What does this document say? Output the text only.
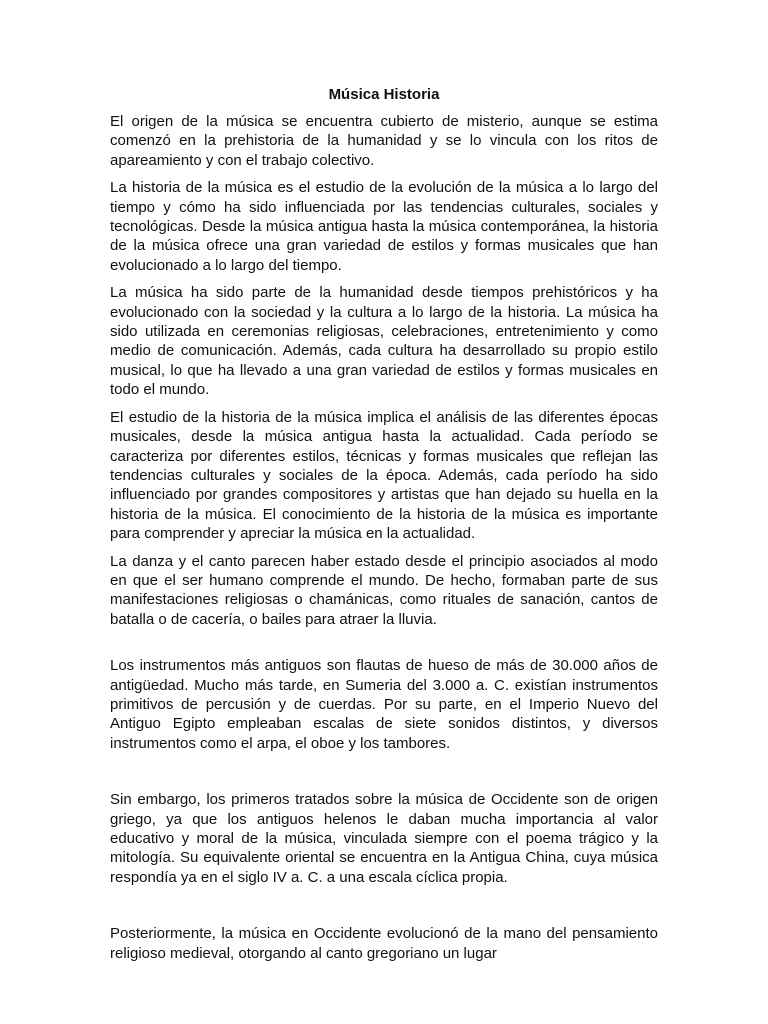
Música Historia

El origen de la música se encuentra cubierto de misterio, aunque se estima comenzó en la prehistoria de la humanidad y se lo vincula con los ritos de apareamiento y con el trabajo colectivo.

La historia de la música es el estudio de la evolución de la música a lo largo del tiempo y cómo ha sido influenciada por las tendencias culturales, sociales y tecnológicas. Desde la música antigua hasta la música contemporánea, la historia de la música ofrece una gran variedad de estilos y formas musicales que han evolucionado a lo largo del tiempo.

La música ha sido parte de la humanidad desde tiempos prehistóricos y ha evolucionado con la sociedad y la cultura a lo largo de la historia. La música ha sido utilizada en ceremonias religiosas, celebraciones, entretenimiento y como medio de comunicación. Además, cada cultura ha desarrollado su propio estilo musical, lo que ha llevado a una gran variedad de estilos y formas musicales en todo el mundo.

El estudio de la historia de la música implica el análisis de las diferentes épocas musicales, desde la música antigua hasta la actualidad. Cada período se caracteriza por diferentes estilos, técnicas y formas musicales que reflejan las tendencias culturales y sociales de la época. Además, cada período ha sido influenciado por grandes compositores y artistas que han dejado su huella en la historia de la música. El conocimiento de la historia de la música es importante para comprender y apreciar la música en la actualidad.

La danza y el canto parecen haber estado desde el principio asociados al modo en que el ser humano comprende el mundo. De hecho, formaban parte de sus manifestaciones religiosas o chamánicas, como rituales de sanación, cantos de batalla o de cacería, o bailes para atraer la lluvia.

Los instrumentos más antiguos son flautas de hueso de más de 30.000 años de antigüedad. Mucho más tarde, en Sumeria del 3.000 a. C. existían instrumentos primitivos de percusión y de cuerdas. Por su parte, en el Imperio Nuevo del Antiguo Egipto empleaban escalas de siete sonidos distintos, y diversos instrumentos como el arpa, el oboe y los tambores.

Sin embargo, los primeros tratados sobre la música de Occidente son de origen griego, ya que los antiguos helenos le daban mucha importancia al valor educativo y moral de la música, vinculada siempre con el poema trágico y la mitología. Su equivalente oriental se encuentra en la Antigua China, cuya música respondía ya en el siglo IV a. C. a una escala cíclica propia.

Posteriormente, la música en Occidente evolucionó de la mano del pensamiento religioso medieval, otorgando al canto gregoriano un lugar
